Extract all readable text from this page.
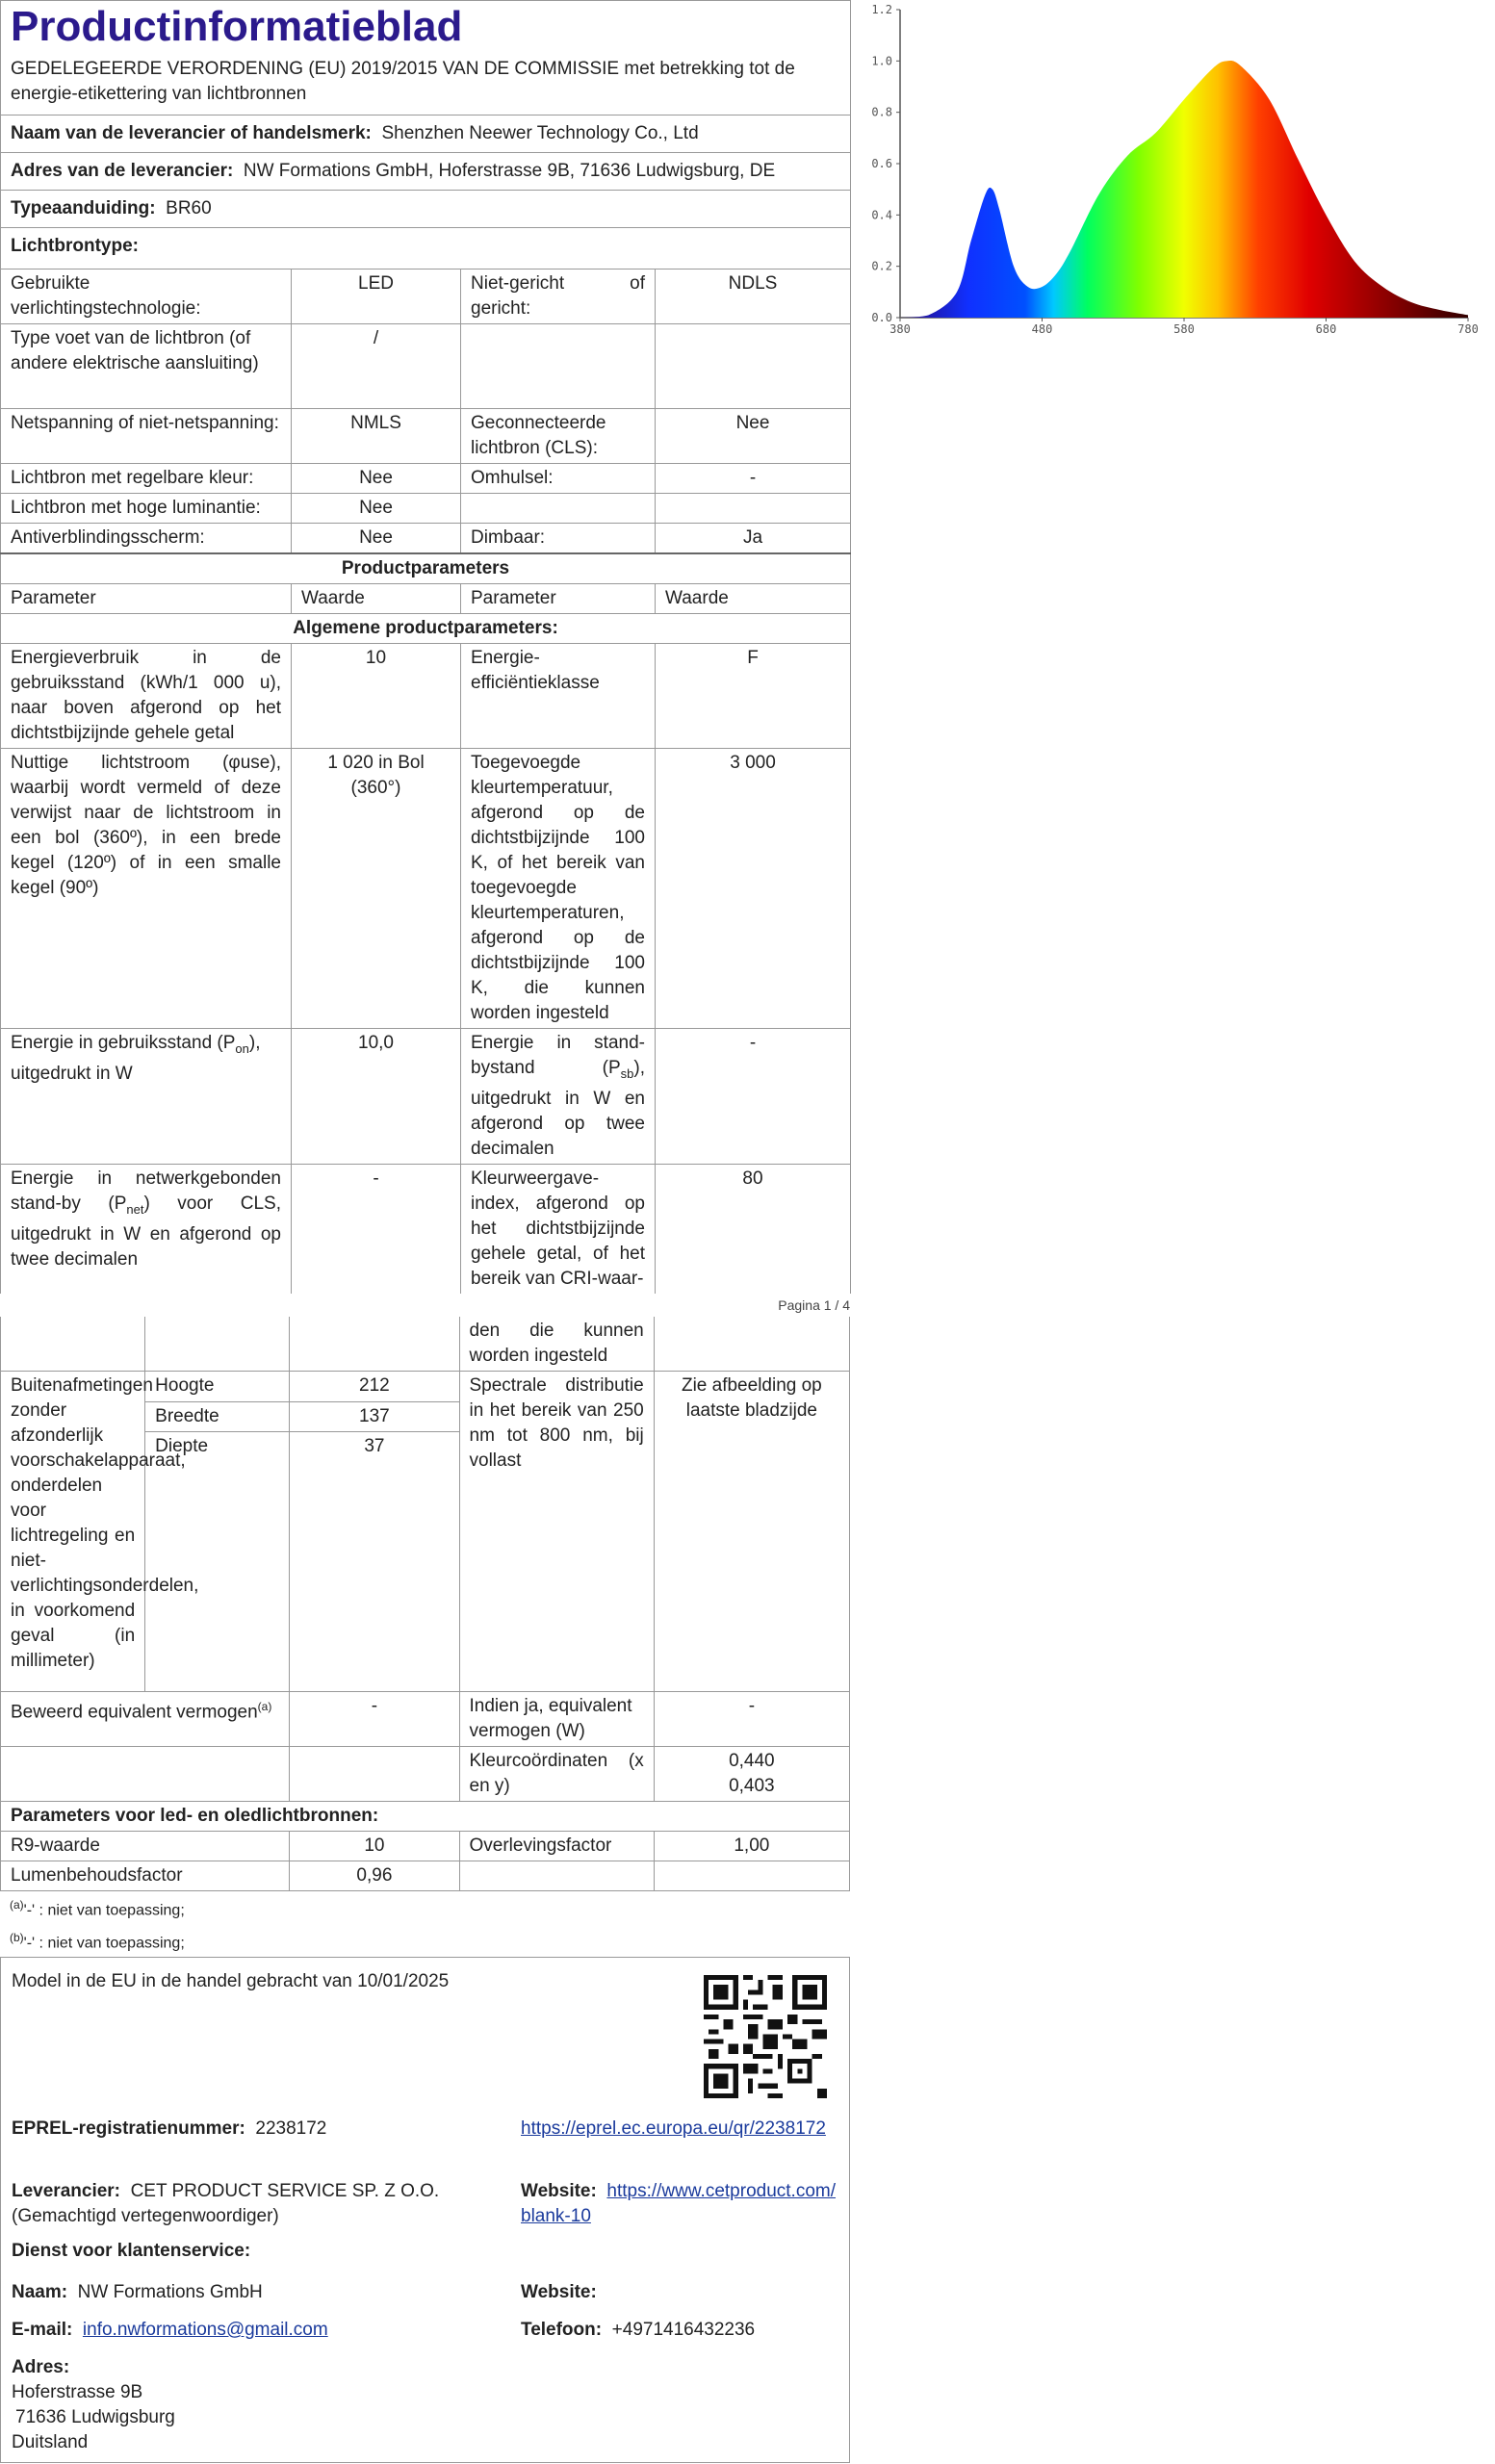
Productinformatieblad			
GEDELEGEERDE VERORDENING (EU) 2019/2015 VAN DE COMMISSIE met betrekking tot de energie-etikettering van lichtbronnen			
Naam van de leverancier of handelsmerk: Shenzhen Neewer Technology Co., Ltd			
Adres van de leverancier: NW Formations GmbH, Hoferstrasse 9B, 71636 Ludwigsburg, DE			
Typeaanduiding: BR60			
Lichtbrontype:			
Gebruikte verlichtingstechnologie:	LED	Niet-gericht of gericht:	NDLS
Type voet van de lichtbron (of andere elektrische aansluiting)	/		
Netspanning of niet-netspanning:	NMLS	Geconnecteerde lichtbron (CLS):	Nee
Lichtbron met regelbare kleur:	Nee	Omhulsel:	-
Lichtbron met hoge luminantie:	Nee		
Antiverblindingsscherm:	Nee	Dimbaar:	Ja
Productparameters			
Parameter	Waarde	Parameter	Waarde
Algemene productparameters:			
Energieverbruik in de gebruiksstand (kWh/1 000 u), naar boven afgerond op het dichtstbijzijnde gehele getal	10	Energie-efficiëntieklasse	F
Nuttige lichtstroom (φuse), waarbij wordt vermeld of deze verwijst naar de lichtstroom in een bol (360º), in een brede kegel (120º) of in een smalle kegel (90º)	1 020 in Bol (360°)	Toegevoegde kleurtemperatuur, afgerond op de dichtstbijzijnde 100 K, of het bereik van toegevoegde kleurtemperaturen, afgerond op de dichtstbijzijnde 100 K, die kunnen worden ingesteld	3 000
Energie in gebruiksstand $(P_{on})$, uitgedrukt in W	10,0	Energie in stand-bystand $(P_{sb})$, uitgedrukt in W en afgerond op twee decimalen	-
Energie in netwerkgebonden stand-by $(P_{net})$ voor CLS, uitgedrukt in W en afgerond op twee decimalen	-	Kleurweergave-index, afgerond op het dichtstbijzijnde gehele getal, of het bereik van CRI-waar-	80
Pagina 1 / 4
			den die kunnen worden ingesteld	
Buitenafmetingen zonder afzonderlijk voorschakelapparaat, onderdelen voor lichtregeling en niet-verlichtingsonderdelen, in voorkomend geval (in millimeter)	Hoogte	212	Spectrale distributie in het bereik van 250 nm tot 800 nm, bij vollast	Zie afbeelding op laatste bladzijde
	Breedte	137		
	Diepte	37		
Beweerd equivalent vermogen$^{(a)}$		-	Indien ja, equivalent vermogen (W)	-
			Kleurcoördinaten (x en y)	0,440
0,403

Parameters voor led- en oledlichtbronnen:				
R9-waarde		10	Overlevingsfactor	1,00
Lumenbehoudsfactor		0,96		
$^{(a)}$'-' : niet van toepassing;
$^{(b)}$'-' : niet van toepassing;
Model in de EU in de handel gebracht van 10/01/2025
EPREL-registratienummer: 2238172	https://eprel.ec.europa.eu/qr/2238172
Leverancier: CET PRODUCT SERVICE SP. Z O.O. (Gemachtigd vertegenwoordiger)
Website: https://www.cetproduct.com/blank-10
Dienst voor klantenservice:
Naam: NW Formations GmbH	Website:
E-mail: info.nwformations@gmail.com	Telefoon: +4971416432236
Adres:
Hoferstrasse 9B
71636 Ludwigsburg
Duitsland
0.0
0.2
0.4
0.6
0.8
1.0
1.2
380	480	580	680	780
